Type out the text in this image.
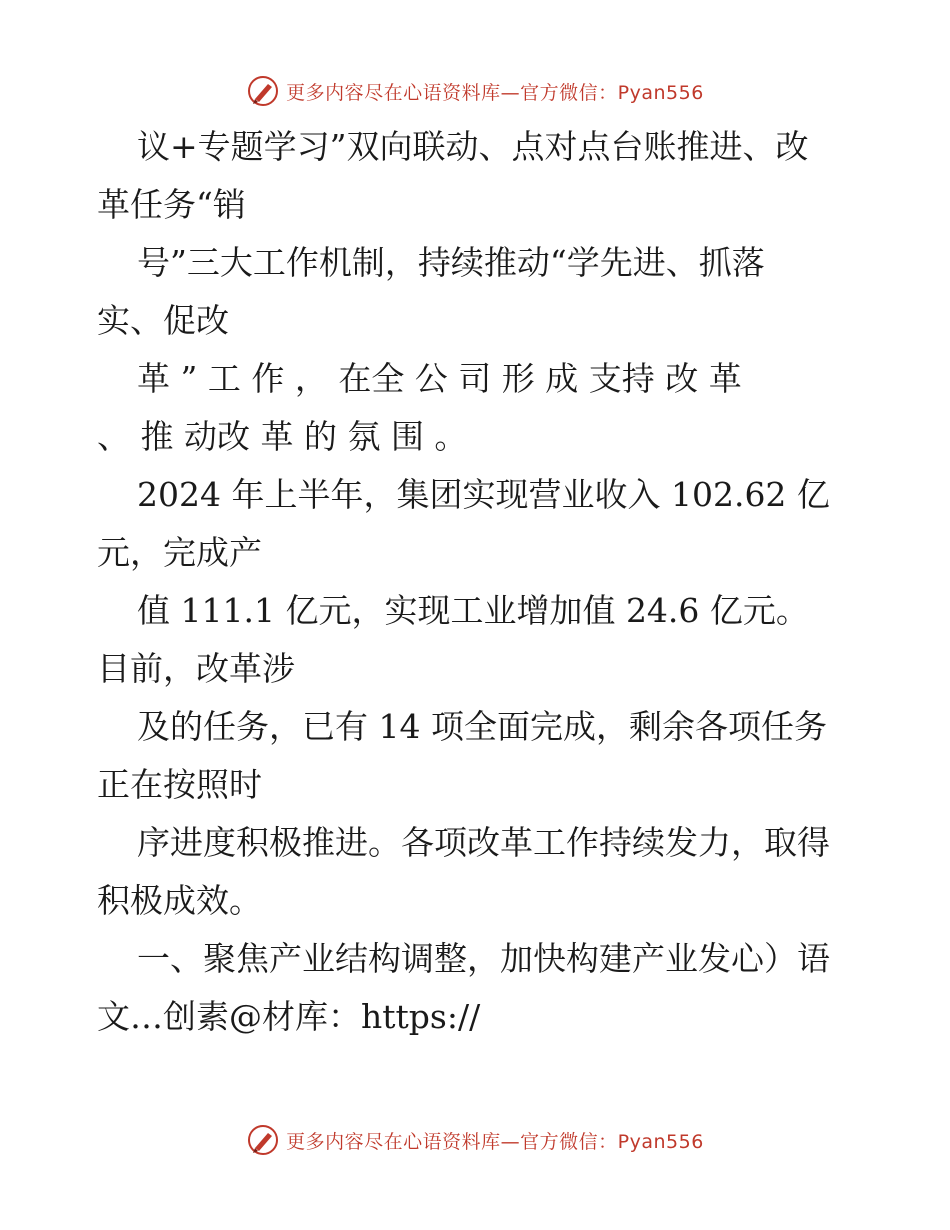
更多内容尽在心语资料库—官方微信：Pyan556
议+专题学习”双向联动、点对点台账推进、改
革任务“销
号”三大工作机制，持续推动“学先进、抓落
实、促改
革 ” 工 作 ， 在全 公 司 形 成 支持 改 革
、 推 动改 革 的 氛 围 。
2024 年上半年，集团实现营业收入 102.62 亿
元，完成产
值 111.1 亿元，实现工业增加值 24.6 亿元。
目前，改革涉
及的任务，已有 14 项全面完成，剩余各项任务
正在按照时
序进度积极推进。各项改革工作持续发力，取得
积极成效。
一、聚焦产业结构调整，加快构建产业发心）语
文…创素@材库：https://
更多内容尽在心语资料库—官方微信：Pyan556
